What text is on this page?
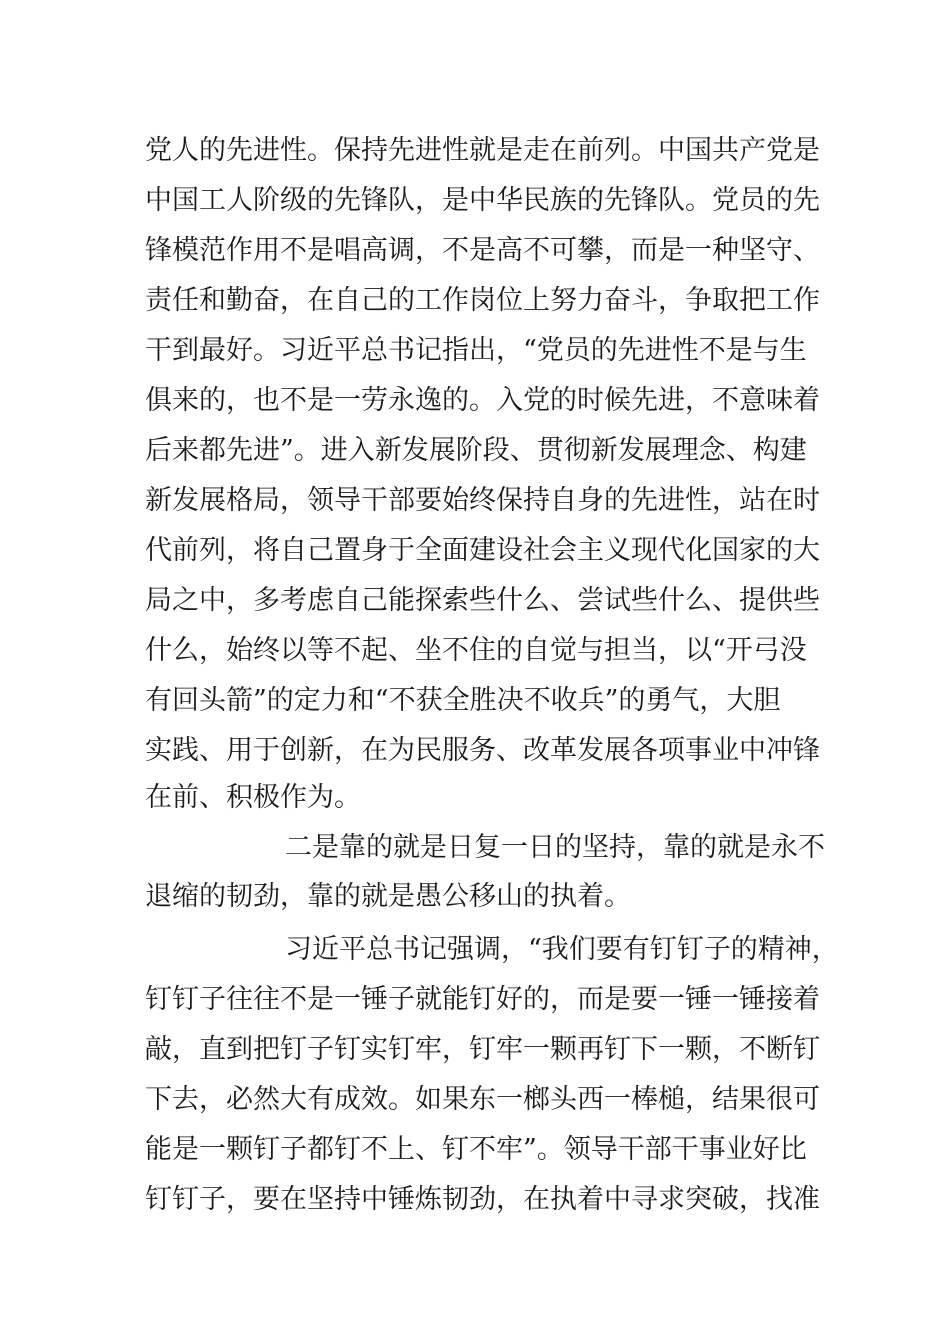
党人的先进性。保持先进性就是走在前列。中国共产党是
中国工人阶级的先锋队，是中华民族的先锋队。党员的先
锋模范作用不是唱高调，不是高不可攀，而是一种坚守、
责任和勤奋，在自己的工作岗位上努力奋斗，争取把工作
干到最好。习近平总书记指出，“党员的先进性不是与生
俱来的，也不是一劳永逸的。入党的时候先进，不意味着
后来都先进”。进入新发展阶段、贯彻新发展理念、构建
新发展格局，领导干部要始终保持自身的先进性，站在时
代前列，将自己置身于全面建设社会主义现代化国家的大
局之中，多考虑自己能探索些什么、尝试些什么、提供些
什么，始终以等不起、坐不住的自觉与担当，以“开弓没
有回头箭”的定力和“不获全胜决不收兵”的勇气，大胆
实践、用于创新，在为民服务、改革发展各项事业中冲锋
在前、积极作为。
二是靠的就是日复一日的坚持，靠的就是永不
退缩的韧劲，靠的就是愚公移山的执着。
习近平总书记强调，“我们要有钉钉子的精神，
钉钉子往往不是一锤子就能钉好的，而是要一锤一锤接着
敲，直到把钉子钉实钉牢，钉牢一颗再钉下一颗，不断钉
下去，必然大有成效。如果东一榔头西一棒槌，结果很可
能是一颗钉子都钉不上、钉不牢”。领导干部干事业好比
钉钉子，要在坚持中锤炼韧劲，在执着中寻求突破，找准
